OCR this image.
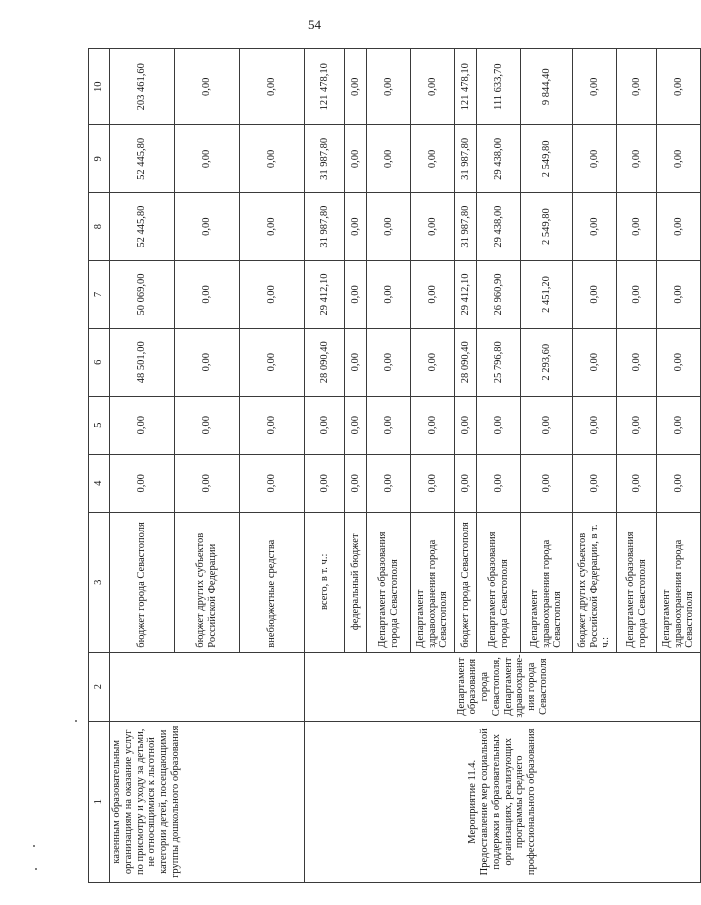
54
1	2	3	4	5	6	7	8	9	10
казенным образовательным организациям на оказание услуг по присмотру и уходу за детьми, не относящимися к льготной категории детей, посещающими группы дошкольного образования		бюджет города Севастополя	0,00	0,00	48 501,00	50 069,00	52 445,80	52 445,80	203 461,60
		бюджет других субъектов Российской Федерации	0,00	0,00	0,00	0,00	0,00	0,00	0,00
		внебюджетные средства	0,00	0,00	0,00	0,00	0,00	0,00	0,00
Мероприятие 11.4. Предоставление мер социальной поддержки в образовательных организациях, реализующих программы среднего профессионального образования	Департамент образования города Севастополя, Департамент здравоохране-ния города Севастополя	всего, в т. ч.:	0,00	0,00	28 090,40	29 412,10	31 987,80	31 987,80	121 478,10
		федеральный бюджет	0,00	0,00	0,00	0,00	0,00	0,00	0,00
		Департамент образования города Севастополя	0,00	0,00	0,00	0,00	0,00	0,00	0,00
		Департамент здравоохранения города Севастополя	0,00	0,00	0,00	0,00	0,00	0,00	0,00
		бюджет города Севастополя	0,00	0,00	28 090,40	29 412,10	31 987,80	31 987,80	121 478,10
		Департамент образования города Севастополя	0,00	0,00	25 796,80	26 960,90	29 438,00	29 438,00	111 633,70
		Департамент здравоохранения города Севастополя	0,00	0,00	2 293,60	2 451,20	2 549,80	2 549,80	9 844,40
		бюджет других субъектов Российской Федерации, в т. ч.:	0,00	0,00	0,00	0,00	0,00	0,00	0,00
		Департамент образования города Севастополя	0,00	0,00	0,00	0,00	0,00	0,00	0,00
		Департамент здравоохранения города Севастополя	0,00	0,00	0,00	0,00	0,00	0,00	0,00
